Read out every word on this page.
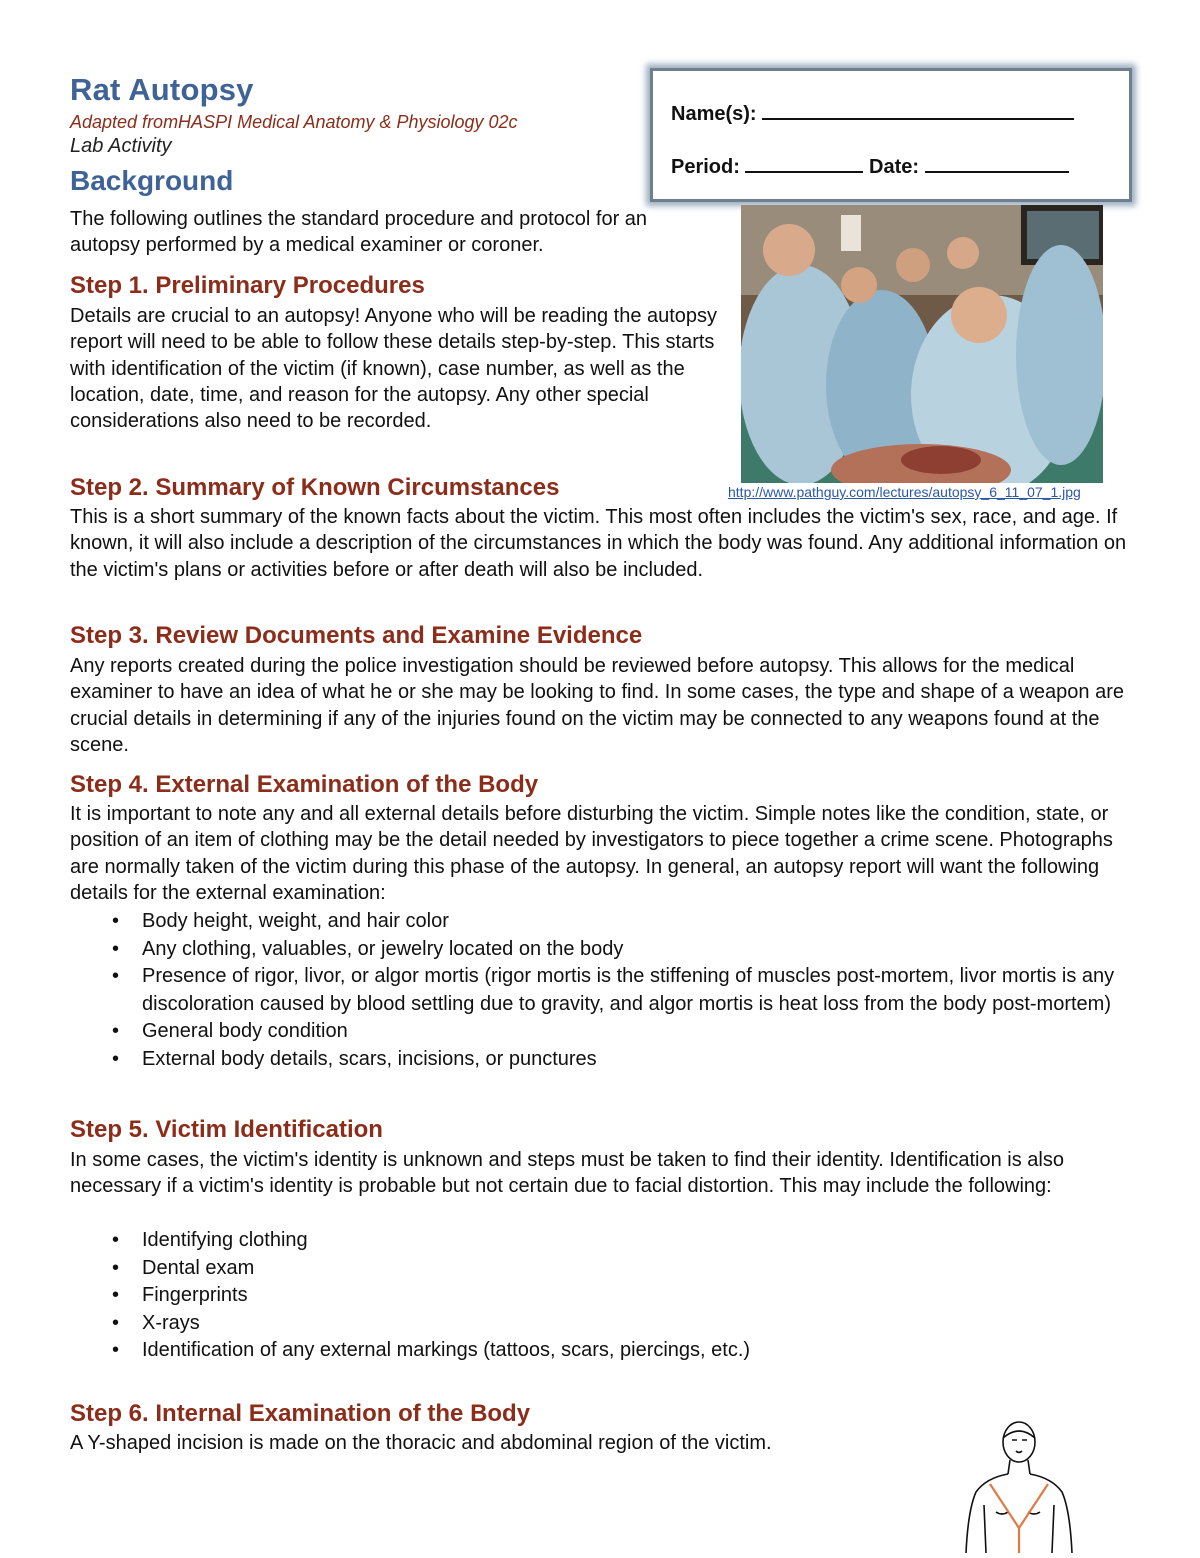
Rat Autopsy
Adapted fromHASPI Medical Anatomy & Physiology 02c
Lab Activity
Background
Name(s):
Period:	Date:
http://www.pathguy.com/lectures/autopsy_6_11_07_1.jpg
The following outlines the standard procedure and protocol for an autopsy performed by a medical examiner or coroner.
Step 1. Preliminary Procedures
Details are crucial to an autopsy! Anyone who will be reading the autopsy report will need to be able to follow these details step-by-step. This starts with identification of the victim (if known), case number, as well as the location, date, time, and reason for the autopsy. Any other special considerations also need to be recorded.
Step 2. Summary of Known Circumstances
This is a short summary of the known facts about the victim. This most often includes the victim's sex, race, and age. If known, it will also include a description of the circumstances in which the body was found. Any additional information on the victim's plans or activities before or after death will also be included.
Step 3. Review Documents and Examine Evidence
Any reports created during the police investigation should be reviewed before autopsy. This allows for the medical examiner to have an idea of what he or she may be looking to find. In some cases, the type and shape of a weapon are crucial details in determining if any of the injuries found on the victim may be connected to any weapons found at the scene.
Step 4. External Examination of the Body
It is important to note any and all external details before disturbing the victim. Simple notes like the condition, state, or position of an item of clothing may be the detail needed by investigators to piece together a crime scene. Photographs are normally taken of the victim during this phase of the autopsy. In general, an autopsy report will want the following details for the external examination:
• Body height, weight, and hair color
• Any clothing, valuables, or jewelry located on the body
• Presence of rigor, livor, or algor mortis (rigor mortis is the stiffening of muscles post-mortem, livor mortis is any discoloration caused by blood settling due to gravity, and algor mortis is heat loss from the body post-mortem)
• General body condition
• External body details, scars, incisions, or punctures
Step 5. Victim Identification
In some cases, the victim's identity is unknown and steps must be taken to find their identity. Identification is also necessary if a victim's identity is probable but not certain due to facial distortion. This may include the following:
• Identifying clothing
• Dental exam
• Fingerprints
• X-rays
• Identification of any external markings (tattoos, scars, piercings, etc.)
Step 6. Internal Examination of the Body
A Y-shaped incision is made on the thoracic and abdominal region of the victim.
